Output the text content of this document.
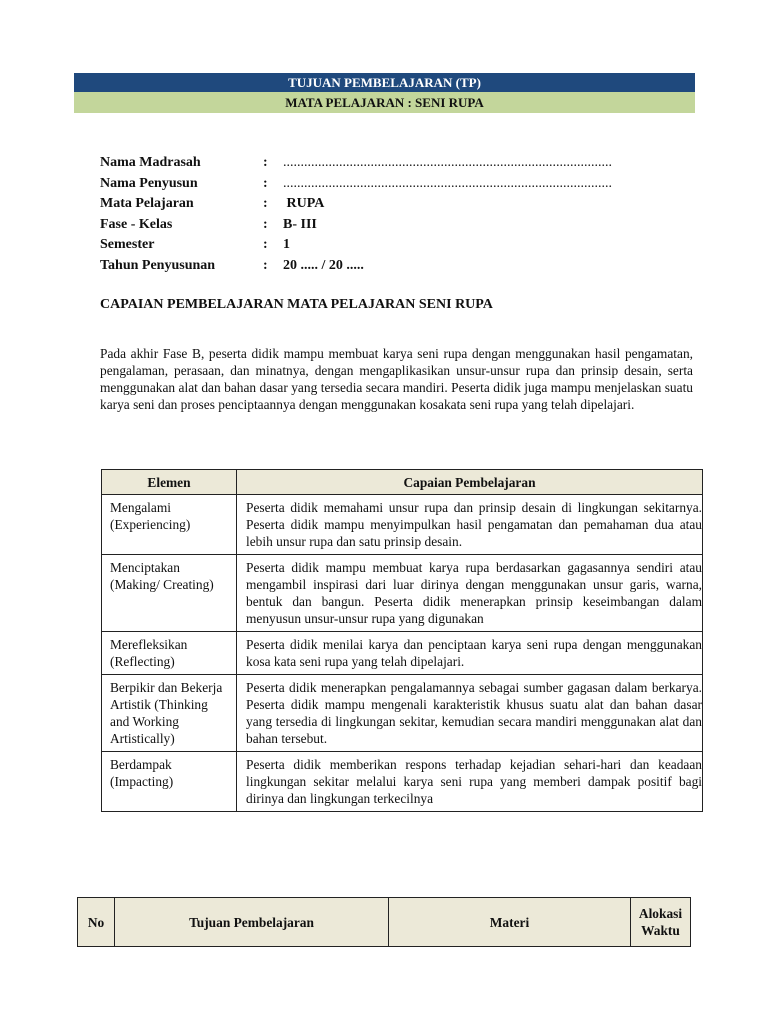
TUJUAN PEMBELAJARAN (TP)
MATA PELAJARAN : SENI RUPA
Nama Madrasah	: ..............................................................................................
Nama Penyusun	: ..............................................................................................
Mata Pelajaran	: RUPA
Fase - Kelas	: B- III
Semester	: 1
Tahun Penyusunan	: 20 ..... / 20 .....
CAPAIAN PEMBELAJARAN MATA PELAJARAN SENI RUPA
Pada akhir Fase B, peserta didik mampu membuat karya seni rupa dengan menggunakan hasil pengamatan, pengalaman, perasaan, dan minatnya, dengan mengaplikasikan unsur-unsur rupa dan prinsip desain, serta menggunakan alat dan bahan dasar yang tersedia secara mandiri. Peserta didik juga mampu menjelaskan suatu karya seni dan proses penciptaannya dengan menggunakan kosakata seni rupa yang telah dipelajari.
Elemen	Capaian Pembelajaran
Mengalami (Experiencing)	Peserta didik memahami unsur rupa dan prinsip desain di lingkungan sekitarnya. Peserta didik mampu menyimpulkan hasil pengamatan dan pemahaman dua atau lebih unsur rupa dan satu prinsip desain.
Menciptakan (Making/ Creating)	Peserta didik mampu membuat karya rupa berdasarkan gagasannya sendiri atau mengambil inspirasi dari luar dirinya dengan menggunakan unsur garis, warna, bentuk dan bangun. Peserta didik menerapkan prinsip keseimbangan dalam menyusun unsur-unsur rupa yang digunakan
Merefleksikan (Reflecting)	Peserta didik menilai karya dan penciptaan karya seni rupa dengan menggunakan kosa kata seni rupa yang telah dipelajari.
Berpikir dan Bekerja Artistik (Thinking and Working Artistically)	Peserta didik menerapkan pengalamannya sebagai sumber gagasan dalam berkarya. Peserta didik mampu mengenali karakteristik khusus suatu alat dan bahan dasar yang tersedia di lingkungan sekitar, kemudian secara mandiri menggunakan alat dan bahan tersebut.
Berdampak (Impacting)	Peserta didik memberikan respons terhadap kejadian sehari-hari dan keadaan lingkungan sekitar melalui karya seni rupa yang memberi dampak positif bagi dirinya dan lingkungan terkecilnya
No	Tujuan Pembelajaran	Materi	Alokasi Waktu
